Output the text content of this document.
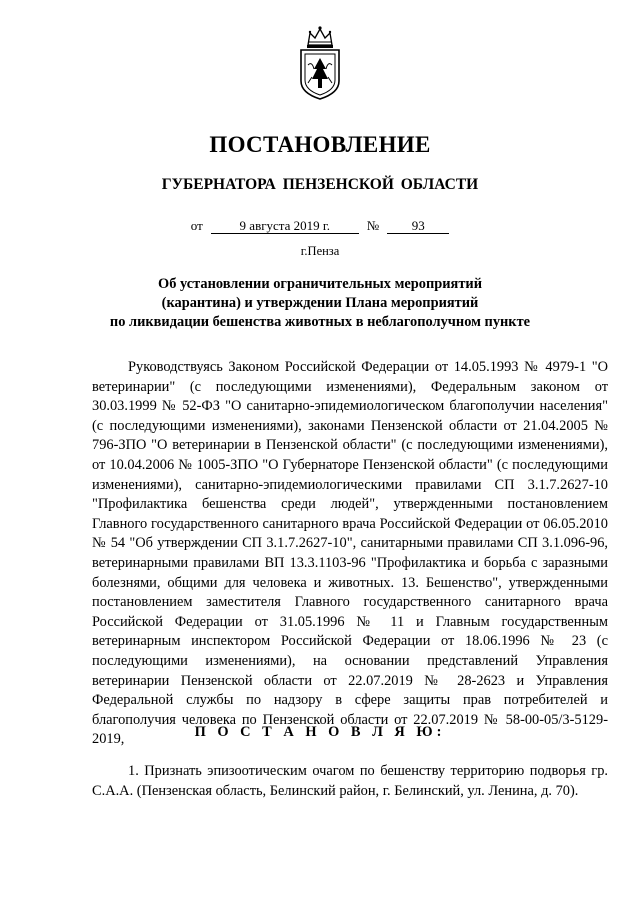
ПОСТАНОВЛЕНИЕ
ГУБЕРНАТОРА ПЕНЗЕНСКОЙ ОБЛАСТИ
от	9 августа 2019 г.	№	93
г.Пенза
Об установлении ограничительных мероприятий
(карантина) и утверждении Плана мероприятий
по ликвидации бешенства животных в неблагополучном пункте

Руководствуясь Законом Российской Федерации от 14.05.1993 № 4979-1 "О ветеринарии" (с последующими изменениями), Федеральным законом от 30.03.1999 № 52-ФЗ "О санитарно-эпидемиологическом благополучии населения" (с последующими изменениями), законами Пензенской области от 21.04.2005 № 796-ЗПО "О ветеринарии в Пензенской области" (с последующими изменениями), от 10.04.2006 № 1005-ЗПО "О Губернаторе Пензенской области" (с последующими изменениями), санитарно-эпидемиологическими правилами СП 3.1.7.2627-10 "Профилактика бешенства среди людей", утвержденными постановлением Главного государственного санитарного врача Российской Федерации от 06.05.2010 № 54 "Об утверждении СП 3.1.7.2627-10", санитарными правилами СП 3.1.096-96, ветеринарными правилами ВП 13.3.1103-96 "Профилактика и борьба с заразными болезнями, общими для человека и животных. 13. Бешенство", утвержденными постановлением заместителя Главного государственного санитарного врача Российской Федерации от 31.05.1996 № 11 и Главным государственным ветеринарным инспектором Российской Федерации от 18.06.1996 № 23 (с последующими изменениями), на основании представлений Управления ветеринарии Пензенской области от 22.07.2019 № 28-2623 и Управления Федеральной службы по надзору в сфере защиты прав потребителей и благополучия человека по Пензенской области от 22.07.2019 № 58-00-05/3-5129-2019,	П О С Т А Н О В Л Я Ю:

1. Признать эпизоотическим очагом по бешенству территорию подворья гр. С.А.А. (Пензенская область, Белинский район, г. Белинский, ул. Ленина, д. 70).
